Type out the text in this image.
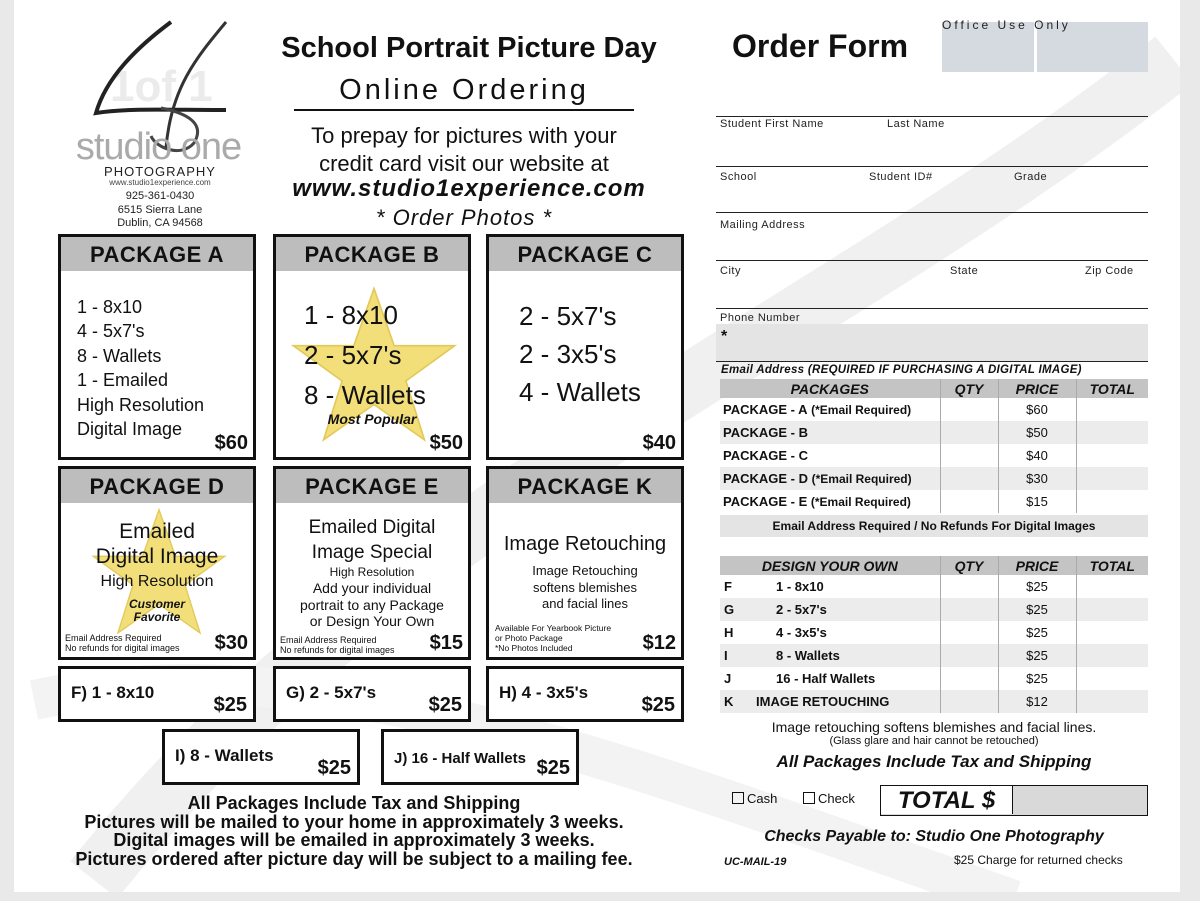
1of 1
studio one
PHOTOGRAPHY
www.studio1experience.com
925-361-0430
6515 Sierra Lane
Dublin, CA 94568
School Portrait Picture Day
Online Ordering
To prepay for pictures with your
credit card visit our website at
www.studio1experience.com
* Order Photos *
PACKAGE A
1 - 8x10
4 - 5x7's
8 - Wallets
1 - Emailed
High Resolution
Digital Image
$60
PACKAGE B
1 - 8x10
2 - 5x7's
8 - Wallets
Most Popular
$50
PACKAGE C
2 - 5x7's
2 - 3x5's
4 - Wallets
$40
PACKAGE D
Emailed
Digital Image
High Resolution
Customer
Favorite
Email Address Required
No refunds for digital images $30
PACKAGE E
Emailed Digital
Image Special
High Resolution
Add your individual
portrait to any Package
or Design Your Own
Email Address Required
No refunds for digital images $15
PACKAGE K
Image Retouching
Image Retouching
softens blemishes
and facial lines
Available For Yearbook Picture
or Photo Package
*No Photos Included	$12
F) 1 - 8x10
$25
G) 2 - 5x7's
$25
H) 4 - 3x5's
$25
I) 8 - Wallets
$25	J) 16 - Half Wallets $25
All Packages Include Tax and Shipping
Pictures will be mailed to your home in approximately 3 weeks.
Digital images will be emailed in approximately 3 weeks.
Pictures ordered after picture day will be subject to a mailing fee.
Order Form
Office Use Only
Student First Name	Last Name
School	Student ID#	Grade
Mailing Address
City	State	Zip Code
Phone Number
*
Email Address (REQUIRED IF PURCHASING A DIGITAL IMAGE)
PACKAGES	QTY	PRICE	TOTAL
PACKAGE - A (*Email Required)		$60	
PACKAGE - B		$50	
PACKAGE - C		$40	
PACKAGE - D (*Email Required)		$30	
PACKAGE - E (*Email Required)		$15	
Email Address Required / No Refunds For Digital Images
DESIGN YOUR OWN	QTY	PRICE	TOTAL
F 1 - 8x10		$25	
G 2 - 5x7's		$25	
H 4 - 3x5's		$25	
I 8 - Wallets		$25	
J 16 - Half Wallets		$25	
K IMAGE RETOUCHING		$12	
Image retouching softens blemishes and facial lines.
(Glass glare and hair cannot be retouched)
All Packages Include Tax and Shipping
Cash	Check	TOTAL $
Checks Payable to: Studio One Photography
UC-MAIL-19	$25 Charge for returned checks
